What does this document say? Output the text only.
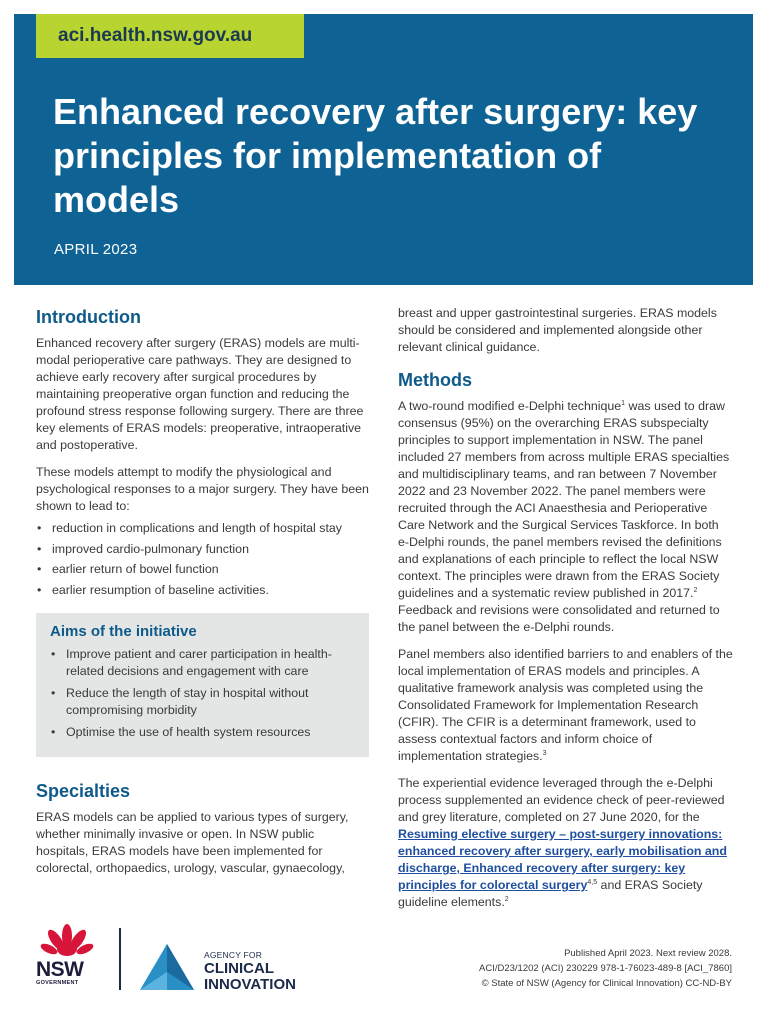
aci.health.nsw.gov.au
Enhanced recovery after surgery: key principles for implementation of models
APRIL 2023
Introduction

Enhanced recovery after surgery (ERAS) models are multi-modal perioperative care pathways. They are designed to achieve early recovery after surgical procedures by maintaining preoperative organ function and reducing the profound stress response following surgery. There are three key elements of ERAS models: preoperative, intraoperative and postoperative.

These models attempt to modify the physiological and psychological responses to a major surgery. They have been shown to lead to:

• reduction in complications and length of hospital stay
• improved cardio-pulmonary function
• earlier return of bowel function
• earlier resumption of baseline activities.
Aims of the initiative
• Improve patient and carer participation in health-related decisions and engagement with care
• Reduce the length of stay in hospital without compromising morbidity
• Optimise the use of health system resources
Specialties

ERAS models can be applied to various types of surgery, whether minimally invasive or open. In NSW public hospitals, ERAS models have been implemented for colorectal, orthopaedics, urology, vascular, gynaecology,

breast and upper gastrointestinal surgeries. ERAS models should be considered and implemented alongside other relevant clinical guidance.

Methods

A two-round modified e-Delphi technique$^1$ was used to draw consensus (95%) on the overarching ERAS subspecialty principles to support implementation in NSW. The panel included 27 members from across multiple ERAS specialties and multidisciplinary teams, and ran between 7 November 2022 and 23 November 2022. The panel members were recruited through the ACI Anaesthesia and Perioperative Care Network and the Surgical Services Taskforce. In both e-Delphi rounds, the panel members revised the definitions and explanations of each principle to reflect the local NSW context. The principles were drawn from the ERAS Society guidelines and a systematic review published in 2017.$^2$ Feedback and revisions were consolidated and returned to the panel between the e-Delphi rounds.

Panel members also identified barriers to and enablers of the local implementation of ERAS models and principles. A qualitative framework analysis was completed using the Consolidated Framework for Implementation Research (CFIR). The CFIR is a determinant framework, used to assess contextual factors and inform choice of implementation strategies.$^3$

The experiential evidence leveraged through the e-Delphi process supplemented an evidence check of peer-reviewed and grey literature, completed on 27 June 2020, for the Resuming elective surgery – post-surgery innovations: enhanced recovery after surgery, early mobilisation and discharge, Enhanced recovery after surgery: key principles for colorectal surgery$^{4,5}$ and ERAS Society guideline elements.$^2$

NSW
GOVERNMENT
AGENCY FOR
CLINICAL
INNOVATION
Published April 2023. Next review 2028.
ACI/D23/1202 (ACI) 230229 978-1-76023-489-8 [ACI_7860]
© State of NSW (Agency for Clinical Innovation) CC-ND-BY
